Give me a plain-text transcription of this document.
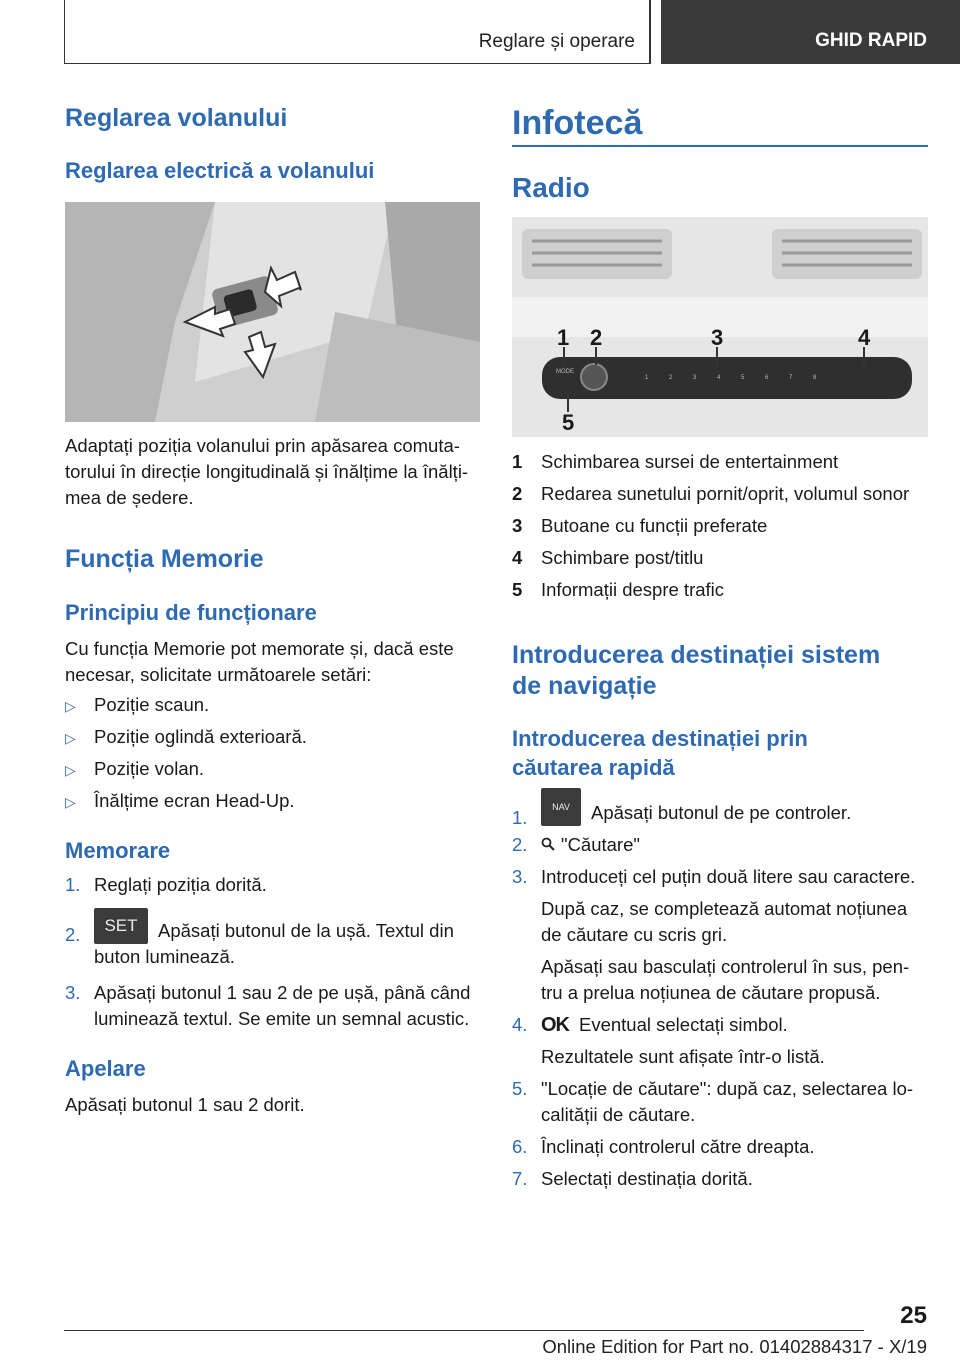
Reglare și operare	GHID RAPID
Reglarea volanului
Reglarea electrică a volanului
Adaptați poziția volanului prin apăsarea comuta‐
torului în direcție longitudinală și înălțime la înălți‐
mea de ședere.
Funcția Memorie
Principiu de funcționare
Cu funcția Memorie pot memorate și, dacă este
necesar, solicitate următoarele setări:
▷ Poziție scaun.
▷ Poziție oglindă exterioară.
▷ Poziție volan.
▷ Înălțime ecran Head-Up.
Memorare
1. Reglați poziția dorită.
2.	SET	Apăsați butonul de la ușă. Textul din
buton luminează.
3. Apăsați butonul 1 sau 2 de pe ușă, până când
luminează textul. Se emite un semnal acustic.
Apelare
Apăsați butonul 1 sau 2 dorit.
Infotecă
Radio
MODE
1	2	3	4	5	6	7	8
1 2	3	4
5
1 Schimbarea sursei de entertainment
2 Redarea sunetului pornit/oprit, volumul sonor
3 Butoane cu funcții preferate
4 Schimbare post/titlu
5 Informații despre trafic
Introducerea destinației sistem
de navigație
Introducerea destinației prin
căutarea rapidă
1.	NAV	Apăsați butonul de pe controler.
2. "Căutare"
3. Introduceți cel puțin două litere sau caractere.
După caz, se completează automat noțiunea
de căutare cu scris gri.
Apăsați sau basculați controlerul în sus, pen‐
tru a prelua noțiunea de căutare propusă.
4. OK Eventual selectați simbol.
Rezultatele sunt afișate într-o listă.
5. "Locație de căutare": după caz, selectarea lo‐
calității de căutare.
6. Înclinați controlerul către dreapta.
7. Selectați destinația dorită.
25
Online Edition for Part no. 01402884317 - X/19
